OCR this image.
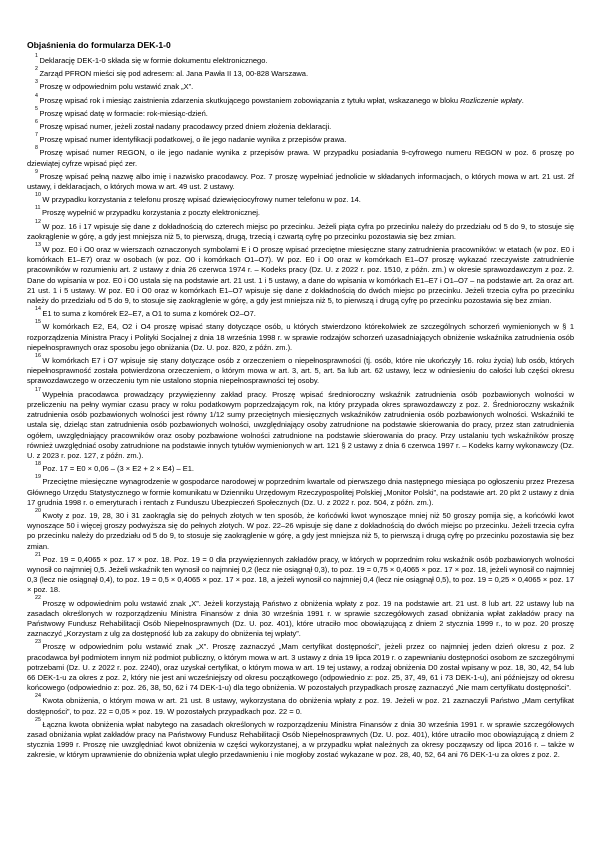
Objaśnienia do formularza DEK-1-0

$^1$Deklarację DEK-1-0 składa się w formie dokumentu elektronicznego.

$^2$Zarząd PFRON mieści się pod adresem: al. Jana Pawła II 13, 00-828 Warszawa.

$^3$Proszę w odpowiednim polu wstawić znak „X”.

$^4$Proszę wpisać rok i miesiąc zaistnienia zdarzenia skutkującego powstaniem zobowiązania z tytułu wpłat, wskazanego w bloku Rozliczenie wpłaty.

$^5$Proszę wpisać datę w formacie: rok-miesiąc-dzień.

$^6$Proszę wpisać numer, jeżeli został nadany pracodawcy przed dniem złożenia deklaracji.

$^7$Proszę wpisać numer identyfikacji podatkowej, o ile jego nadanie wynika z przepisów prawa.

$^8$Proszę wpisać numer REGON, o ile jego nadanie wynika z przepisów prawa. W przypadku posiadania 9-cyfrowego numeru REGON w poz. 6 proszę po dziewiątej cyfrze wpisać pięć zer.

$^9$Proszę wpisać pełną nazwę albo imię i nazwisko pracodawcy. Poz. 7 proszę wypełniać jednolicie w składanych informacjach, o których mowa w art. 21 ust. 2f ustawy, i deklaracjach, o których mowa w art. 49 ust. 2 ustawy.

$^{10}$W przypadku korzystania z telefonu proszę wpisać dziewięciocyfrowy numer telefonu w poz. 14.

$^{11}$Proszę wypełnić w przypadku korzystania z poczty elektronicznej.

$^{12}$W poz. 16 i 17 wpisuje się dane z dokładnością do czterech miejsc po przecinku. Jeżeli piąta cyfra po przecinku należy do przedziału od 5 do 9, to stosuje się zaokrąglenie w górę, a gdy jest mniejsza niż 5, to pierwszą, drugą, trzecią i czwartą cyfrę po przecinku pozostawia się bez zmian.

$^{13}$W poz. E0 i O0 oraz w wierszach oznaczonych symbolami E i O proszę wpisać przeciętne miesięczne stany zatrudnienia pracowników: w etatach (w poz. E0 i komórkach E1–E7) oraz w osobach (w poz. O0 i komórkach O1–O7). W poz. E0 i O0 oraz w komórkach E1–O7 proszę wykazać rzeczywiste zatrudnienie pracowników w rozumieniu art. 2 ustawy z dnia 26 czerwca 1974 r. – Kodeks pracy (Dz. U. z 2022 r. poz. 1510, z późn. zm.) w okresie sprawozdawczym z poz. 2. Dane do wpisania w poz. E0 i O0 ustala się na podstawie art. 21 ust. 1 i 5 ustawy, a dane do wpisania w komórkach E1–E7 i O1–O7 – na podstawie art. 2a oraz art. 21 ust. 1 i 5 ustawy. W poz. E0 i O0 oraz w komórkach E1–O7 wpisuje się dane z dokładnością do dwóch miejsc po przecinku. Jeżeli trzecia cyfra po przecinku należy do przedziału od 5 do 9, to stosuje się zaokrąglenie w górę, a gdy jest mniejsza niż 5, to pierwszą i drugą cyfrę po przecinku pozostawia się bez zmian.

$^{14}$E1 to suma z komórek E2–E7, a O1 to suma z komórek O2–O7.

$^{15}$W komórkach E2, E4, O2 i O4 proszę wpisać stany dotyczące osób, u których stwierdzono którekolwiek ze szczególnych schorzeń wymienionych w § 1 rozporządzenia Ministra Pracy i Polityki Socjalnej z dnia 18 września 1998 r. w sprawie rodzajów schorzeń uzasadniających obniżenie wskaźnika zatrudnienia osób niepełnosprawnych oraz sposobu jego obniżania (Dz. U. poz. 820, z późn. zm.).

$^{16}$W komórkach E7 i O7 wpisuje się stany dotyczące osób z orzeczeniem o niepełnosprawności (tj. osób, które nie ukończyły 16. roku życia) lub osób, których niepełnosprawność została potwierdzona orzeczeniem, o którym mowa w art. 3, art. 5, art. 5a lub art. 62 ustawy, lecz w odniesieniu do całości lub części okresu sprawozdawczego w orzeczeniu tym nie ustalono stopnia niepełnosprawności tej osoby.

$^{17}$Wypełnia pracodawca prowadzący przywięzienny zakład pracy. Proszę wpisać średnioroczny wskaźnik zatrudnienia osób pozbawionych wolności w przeliczeniu na pełny wymiar czasu pracy w roku podatkowym poprzedzającym rok, na który przypada okres sprawozdawczy z poz. 2. Średnioroczny wskaźnik zatrudnienia osób pozbawionych wolności jest równy 1/12 sumy przeciętnych miesięcznych wskaźników zatrudnienia osób pozbawionych wolności. Wskaźniki te ustala się, dzieląc stan zatrudnienia osób pozbawionych wolności, uwzględniający osoby zatrudnione na podstawie skierowania do pracy, przez stan zatrudnienia ogółem, uwzględniający pracowników oraz osoby pozbawione wolności zatrudnione na podstawie skierowania do pracy. Przy ustalaniu tych wskaźników proszę również uwzględniać osoby zatrudnione na podstawie innych tytułów wymienionych w art. 121 § 2 ustawy z dnia 6 czerwca 1997 r. – Kodeks karny wykonawczy (Dz. U. z 2023 r. poz. 127, z późn. zm.).

$^{18}$Poz. 17 = E0 × 0,06 – (3 × E2 + 2 × E4) – E1.

$^{19}$Przeciętne miesięczne wynagrodzenie w gospodarce narodowej w poprzednim kwartale od pierwszego dnia następnego miesiąca po ogłoszeniu przez Prezesa Głównego Urzędu Statystycznego w formie komunikatu w Dzienniku Urzędowym Rzeczypospolitej Polskiej „Monitor Polski”, na podstawie art. 20 pkt 2 ustawy z dnia 17 grudnia 1998 r. o emeryturach i rentach z Funduszu Ubezpieczeń Społecznych (Dz. U. z 2022 r. poz. 504, z późn. zm.).

$^{20}$Kwoty z poz. 19, 28, 30 i 31 zaokrągla się do pełnych złotych w ten sposób, że końcówki kwot wynoszące mniej niż 50 groszy pomija się, a końcówki kwot wynoszące 50 i więcej groszy podwyższa się do pełnych złotych. W poz. 22–26 wpisuje się dane z dokładnością do dwóch miejsc po przecinku. Jeżeli trzecia cyfra po przecinku należy do przedziału od 5 do 9, to stosuje się zaokrąglenie w górę, a gdy jest mniejsza niż 5, to pierwszą i drugą cyfrę po przecinku pozostawia się bez zmian.

$^{21}$Poz. 19 = 0,4065 × poz. 17 × poz. 18. Poz. 19 = 0 dla przywięziennych zakładów pracy, w których w poprzednim roku wskaźnik osób pozbawionych wolności wynosił co najmniej 0,5. Jeżeli wskaźnik ten wynosił co najmniej 0,2 (lecz nie osiągnął 0,3), to poz. 19 = 0,75 × 0,4065 × poz. 17 × poz. 18, jeżeli wynosił co najmniej 0,3 (lecz nie osiągnął 0,4), to poz. 19 = 0,5 × 0,4065 × poz. 17 × poz. 18, a jeżeli wynosił co najmniej 0,4 (lecz nie osiągnął 0,5), to poz. 19 = 0,25 × 0,4065 × poz. 17 × poz. 18.

$^{22}$Proszę w odpowiednim polu wstawić znak „X”. Jeżeli korzystają Państwo z obniżenia wpłaty z poz. 19 na podstawie art. 21 ust. 8 lub art. 22 ustawy lub na zasadach określonych w rozporządzeniu Ministra Finansów z dnia 30 września 1991 r. w sprawie szczegółowych zasad obniżania wpłat zakładów pracy na Państwowy Fundusz Rehabilitacji Osób Niepełnosprawnych (Dz. U. poz. 401), które utraciło moc obowiązującą z dniem 2 stycznia 1999 r., to w poz. 20 proszę zaznaczyć „Korzystam z ulg za dostępność lub za zakupy do obniżenia tej wpłaty”.

$^{23}$Proszę w odpowiednim polu wstawić znak „X”. Proszę zaznaczyć „Mam certyfikat dostępności”, jeżeli przez co najmniej jeden dzień okresu z poz. 2 pracodawca był podmiotem innym niż podmiot publiczny, o którym mowa w art. 3 ustawy z dnia 19 lipca 2019 r. o zapewnianiu dostępności osobom ze szczególnymi potrzebami (Dz. U. z 2022 r. poz. 2240), oraz uzyskał certyfikat, o którym mowa w art. 19 tej ustawy, a rodzaj obniżenia D0 został wpisany w poz. 18, 30, 42, 54 lub 66 DEK-1-u za okres z poz. 2, który nie jest ani wcześniejszy od okresu początkowego (odpowiednio z: poz. 25, 37, 49, 61 i 73 DEK-1-u), ani późniejszy od okresu końcowego (odpowiednio z: poz. 26, 38, 50, 62 i 74 DEK-1-u) dla tego obniżenia. W pozostałych przypadkach proszę zaznaczyć „Nie mam certyfikatu dostępności”.

$^{24}$Kwota obniżenia, o którym mowa w art. 21 ust. 8 ustawy, wykorzystana do obniżenia wpłaty z poz. 19. Jeżeli w poz. 21 zaznaczyli Państwo „Mam certyfikat dostępności”, to poz. 22 = 0,05 × poz. 19. W pozostałych przypadkach poz. 22 = 0.

$^{25}$Łączna kwota obniżenia wpłat nabytego na zasadach określonych w rozporządzeniu Ministra Finansów z dnia 30 września 1991 r. w sprawie szczegółowych zasad obniżania wpłat zakładów pracy na Państwowy Fundusz Rehabilitacji Osób Niepełnosprawnych (Dz. U. poz. 401), które utraciło moc obowiązującą z dniem 2 stycznia 1999 r. Proszę nie uwzględniać kwot obniżenia w części wykorzystanej, a w przypadku wpłat należnych za okresy począwszy od lipca 2016 r. – także w zakresie, w którym uprawnienie do obniżenia wpłat uległo przedawnieniu i nie mogłoby zostać wykazane w poz. 28, 40, 52, 64 ani 76 DEK-1-u za okres z poz. 2.
